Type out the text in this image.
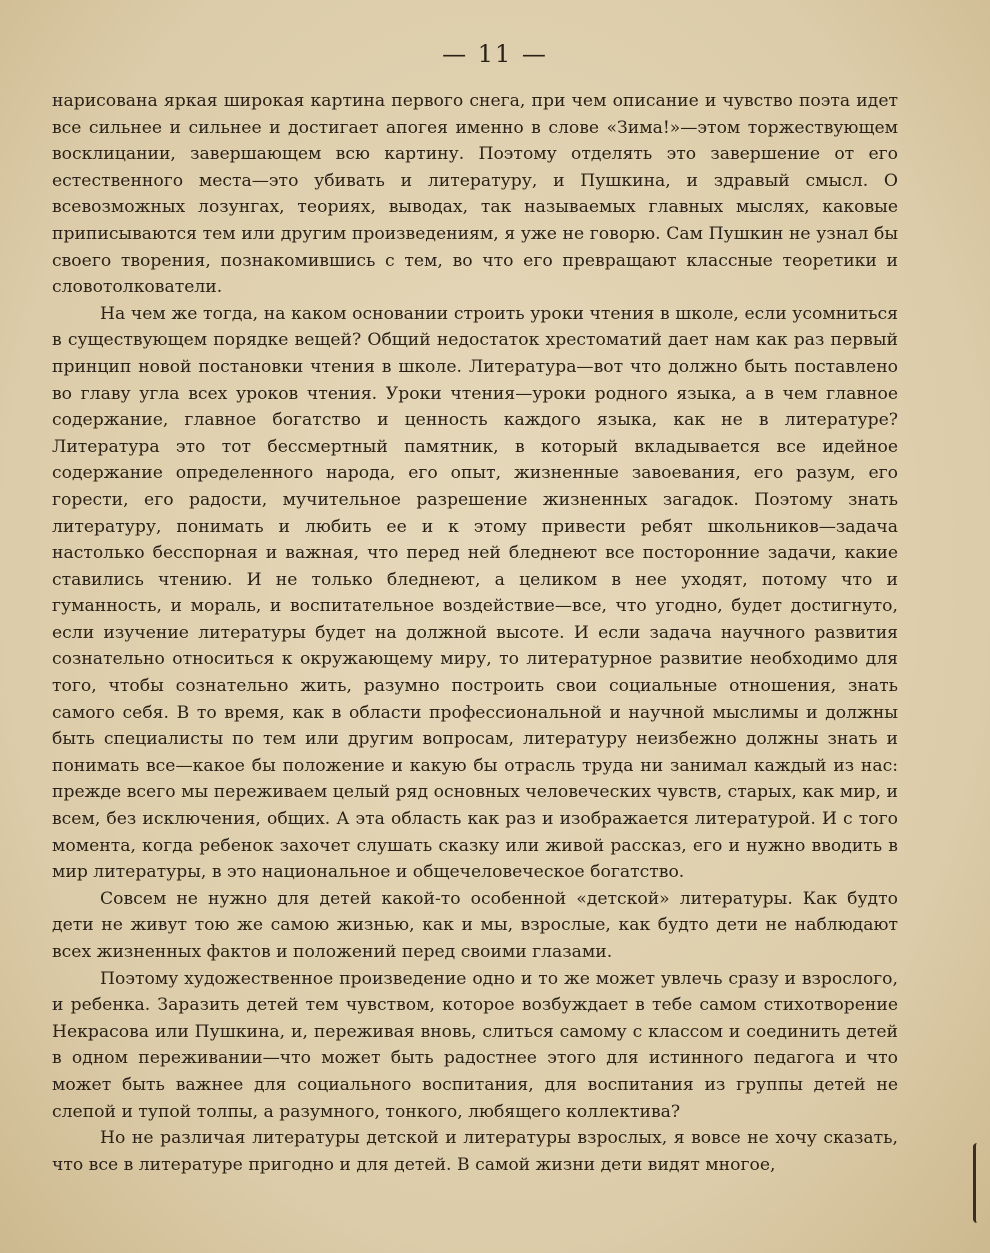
— 11 —

нарисована яркая широкая картина первого снега, при чем описание и чувство поэта идет все сильнее и сильнее и достигает апогея именно в слове «Зима!»—этом торжествующем восклицании, завершающем всю картину. Поэтому отделять это завершение от его естественного места—это убивать и литературу, и Пушкина, и здравый смысл. О всевозможных лозунгах, теориях, выводах, так называемых главных мыслях, каковые приписываются тем или другим произведениям, я уже не говорю. Сам Пушкин не узнал бы своего творения, познакомившись с тем, во что его превращают классные теоретики и словотолкователи.

На чем же тогда, на каком основании строить уроки чтения в школе, если усомниться в существующем порядке вещей? Общий недостаток хрестоматий дает нам как раз первый принцип новой постановки чтения в школе. Литература—вот что должно быть поставлено во главу угла всех уроков чтения. Уроки чтения—уроки родного языка, а в чем главное содержание, главное богатство и ценность каждого языка, как не в литературе? Литература это тот бессмертный памятник, в который вкладывается все идейное содержание определенного народа, его опыт, жизненные завоевания, его разум, его горести, его радости, мучительное разрешение жизненных загадок. Поэтому знать литературу, понимать и любить ее и к этому привести ребят школьников—задача настолько бесспорная и важная, что перед ней бледнеют все посторонние задачи, какие ставились чтению. И не только бледнеют, а целиком в нее уходят, потому что и гуманность, и мораль, и воспитательное воздействие—все, что угодно, будет достигнуто, если изучение литературы будет на должной высоте. И если задача научного развития сознательно относиться к окружающему миру, то литературное развитие необходимо для того, чтобы сознательно жить, разумно построить свои социальные отношения, знать самого себя. В то время, как в области профессиональной и научной мыслимы и должны быть специалисты по тем или другим вопросам, литературу неизбежно должны знать и понимать все—какое бы положение и какую бы отрасль труда ни занимал каждый из нас: прежде всего мы переживаем целый ряд основных человеческих чувств, старых, как мир, и всем, без исключения, общих. А эта область как раз и изображается литературой. И с того момента, когда ребенок захочет слушать сказку или живой рассказ, его и нужно вводить в мир литературы, в это национальное и общечеловеческое богатство.

Совсем не нужно для детей какой-то особенной «детской» литературы. Как будто дети не живут тою же самою жизнью, как и мы, взрослые, как будто дети не наблюдают всех жизненных фактов и положений перед своими глазами.

Поэтому художественное произведение одно и то же может увлечь сразу и взрослого, и ребенка. Заразить детей тем чувством, которое возбуждает в тебе самом стихотворение Некрасова или Пушкина, и, переживая вновь, слиться самому с классом и соединить детей в одном переживании—что может быть радостнее этого для истинного педагога и что может быть важнее для социального воспитания, для воспитания из группы детей не слепой и тупой толпы, а разумного, тонкого, любящего коллектива?

Но не различая литературы детской и литературы взрослых, я вовсе не хочу сказать, что все в литературе пригодно и для детей. В самой жизни дети видят многое,
